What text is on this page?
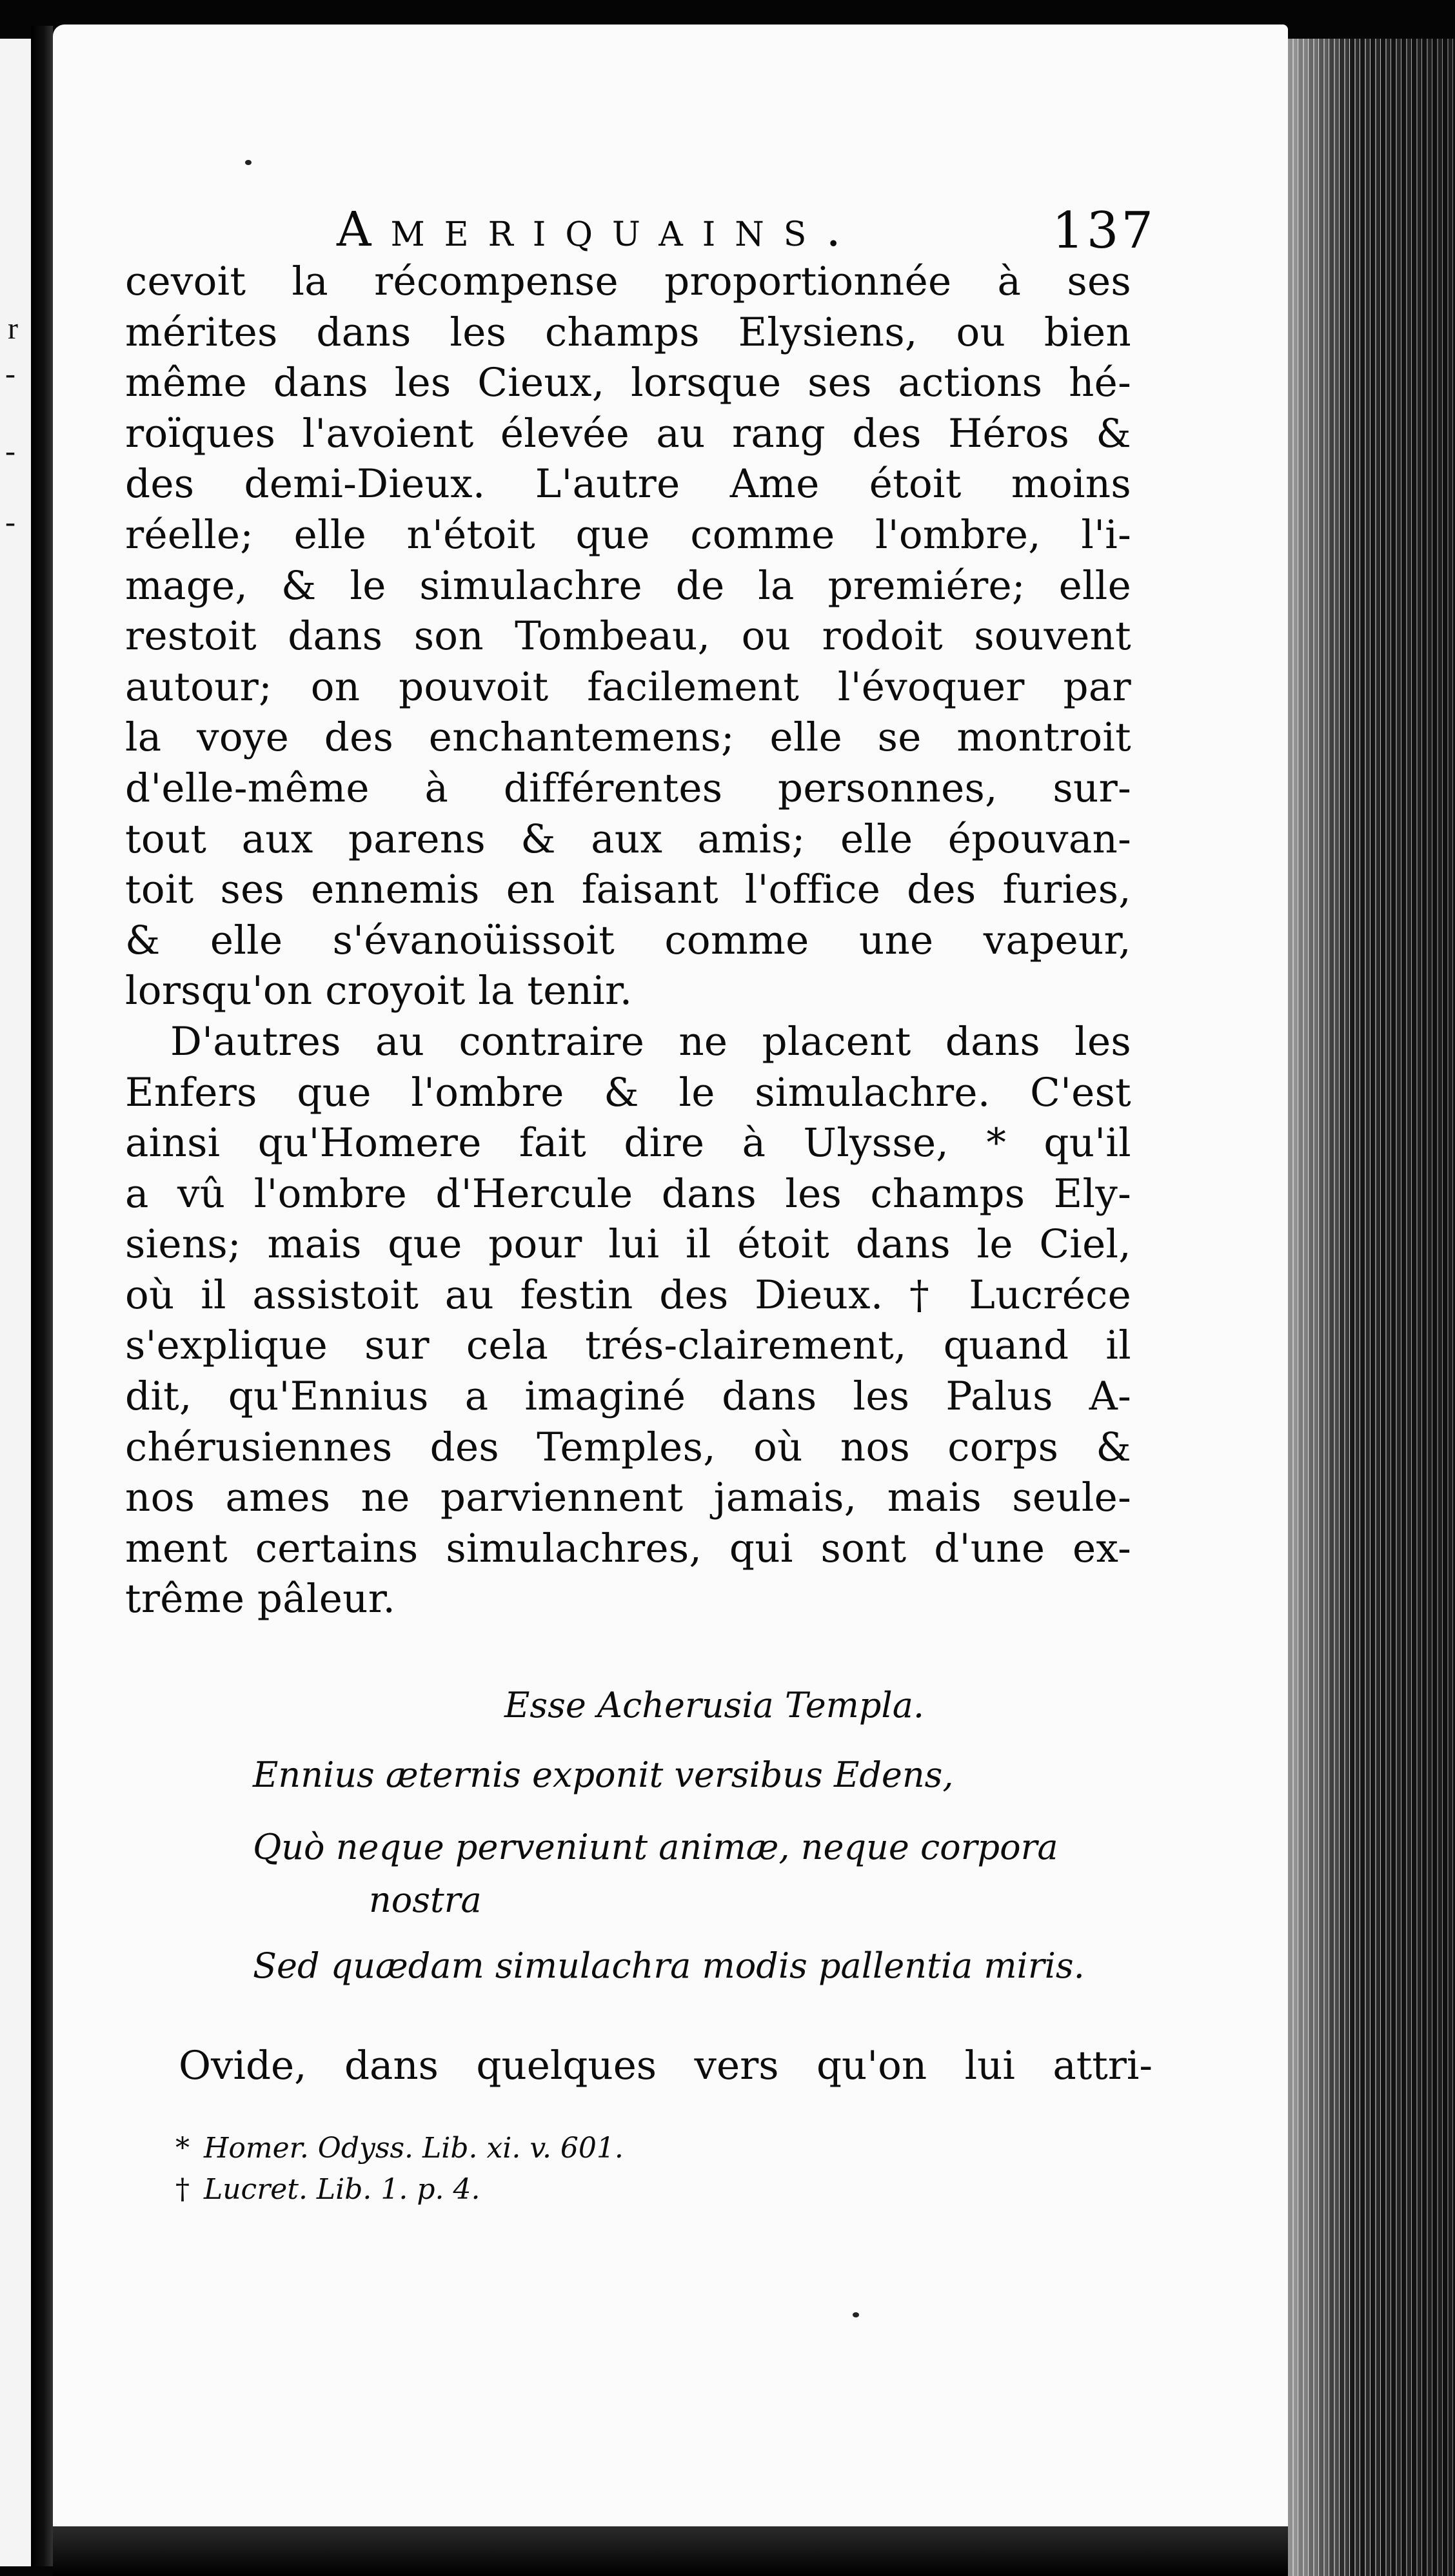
r
-
-
-
Ameriquains.	137
cevoit la récompense proportionnée à ses
mérites dans les champs Elysiens, ou bien
même dans les Cieux, lorsque ses actions hé-
roïques l'avoient élevée au rang des Héros &
des demi-Dieux. L'autre Ame étoit moins
réelle; elle n'étoit que comme l'ombre, l'i-
mage, & le simulachre de la premiére; elle
restoit dans son Tombeau, ou rodoit souvent
autour; on pouvoit facilement l'évoquer par
la voye des enchantemens; elle se montroit
d'elle-même à différentes personnes, sur-
tout aux parens & aux amis; elle épouvan-
toit ses ennemis en faisant l'office des furies,
& elle s'évanoüissoit comme une vapeur,
lorsqu'on croyoit la tenir.
D'autres au contraire ne placent dans les
Enfers que l'ombre & le simulachre. C'est
ainsi qu'Homere fait dire à Ulysse, * qu'il
a vû l'ombre d'Hercule dans les champs Ely-
siens; mais que pour lui il étoit dans le Ciel,
où il assistoit au festin des Dieux. † Lucréce
s'explique sur cela trés-clairement, quand il
dit, qu'Ennius a imaginé dans les Palus A-
chérusiennes des Temples, où nos corps &
nos ames ne parviennent jamais, mais seule-
ment certains simulachres, qui sont d'une ex-
trême pâleur.
Esse Acherusia Templa.
Ennius æternis exponit versibus Edens,
Quò neque perveniunt animæ, neque corpora
nostra
Sed quædam simulachra modis pallentia miris.
Ovide, dans quelques vers qu'on lui attri-
* Homer. Odyss. Lib. xi. v. 601.
† Lucret. Lib. 1. p. 4.
